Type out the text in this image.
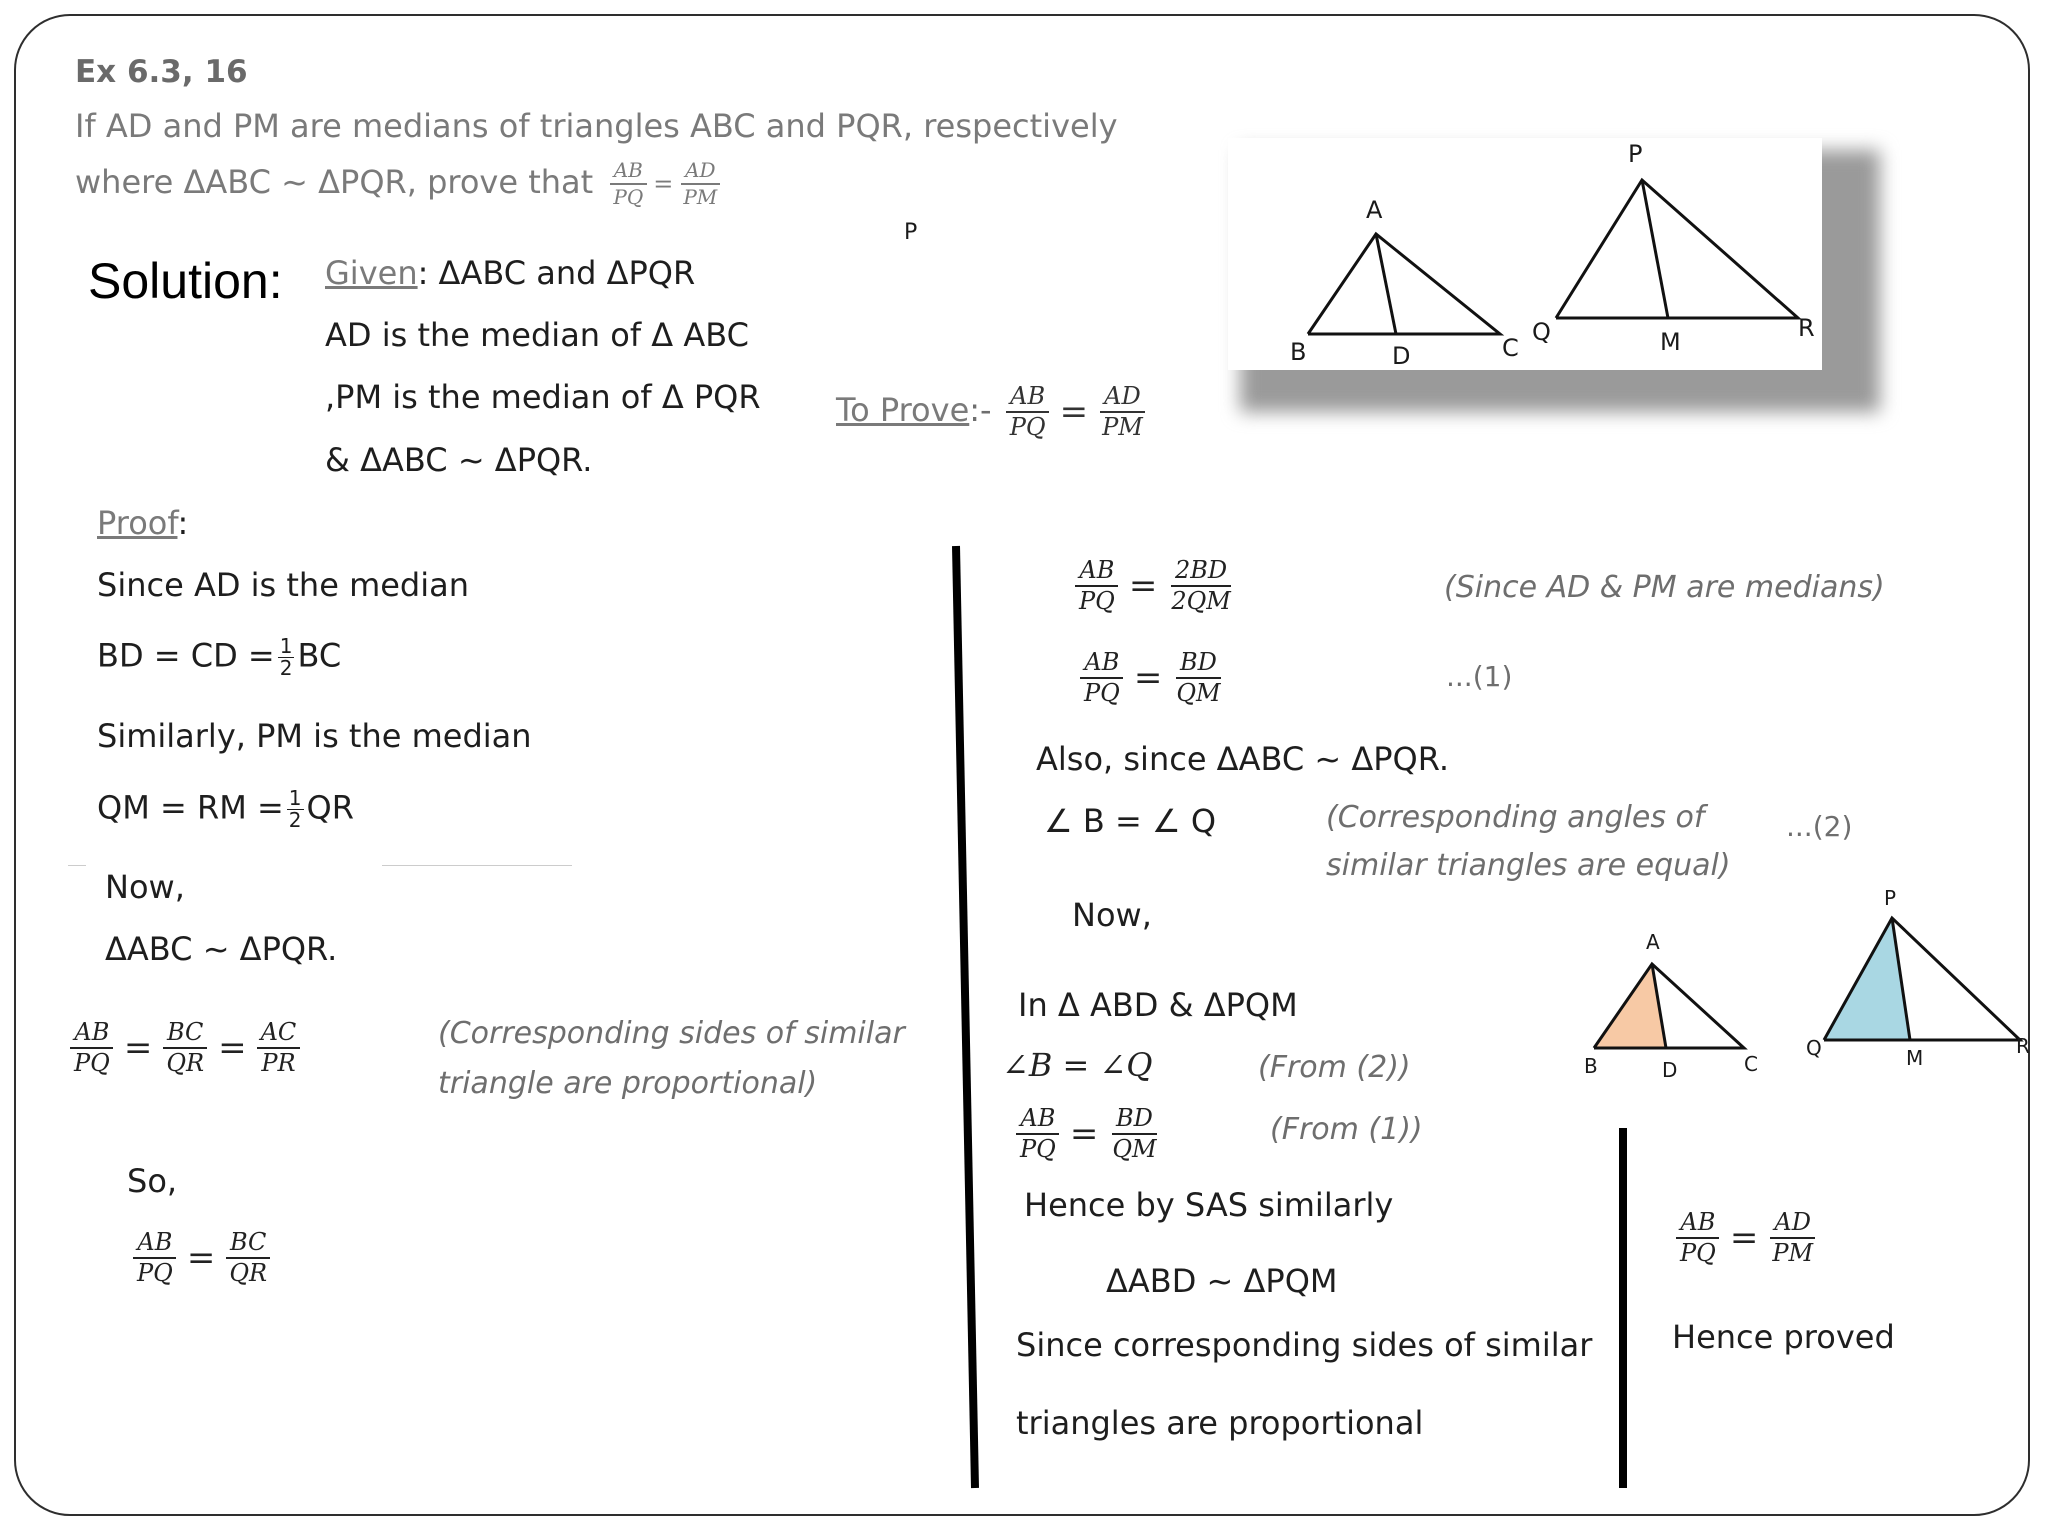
Ex 6.3, 16
If AD and PM are medians of triangles ABC and PQR, respectively
where ΔABC ~ ΔPQR, prove that $\frac{AB}{PQ} = \frac{AD}{PM}$
P
A
B	D	C
P
Q	M	R
Solution: Given: ΔABC and ΔPQR
AD is the median of Δ ABC
,PM is the median of Δ PQR
& ΔABC ~ ΔPQR.
To Prove:- $\frac{AB}{PQ} = \frac{AD}{PM}$
Proof:
Since AD is the median
BD = CD = $\frac{1}{2}$ BC
Similarly, PM is the median
QM = RM = $\frac{1}{2}$ QR
Now,
ΔABC ~ ΔPQR.
$\frac{AB}{PQ} = \frac{BC}{QR} = \frac{AC}{PR}$	(Corresponding sides of similar
triangle are proportional)
So,
$\frac{AB}{PQ} = \frac{BC}{QR}$
$\frac{AB}{PQ} = \frac{2BD}{2QM}$	(Since AD & PM are medians)
$\frac{AB}{PQ} = \frac{BD}{QM}$	...(1)
Also, since ΔABC ~ ΔPQR.
∠ B = ∠ Q	(Corresponding angles of
similar triangles are equal)
...(2)
Now,
In Δ ABD & ΔPQM
∠B = ∠Q	(From (2))
$\frac{AB}{PQ} = \frac{BD}{QM}$	(From (1))
Hence by SAS similarly
ΔABD ~ ΔPQM
Since corresponding sides of similar
triangles are proportional
A
B	D	C
P
Q	M	R
$\frac{AB}{PQ} = \frac{AD}{PM}$
Hence proved
